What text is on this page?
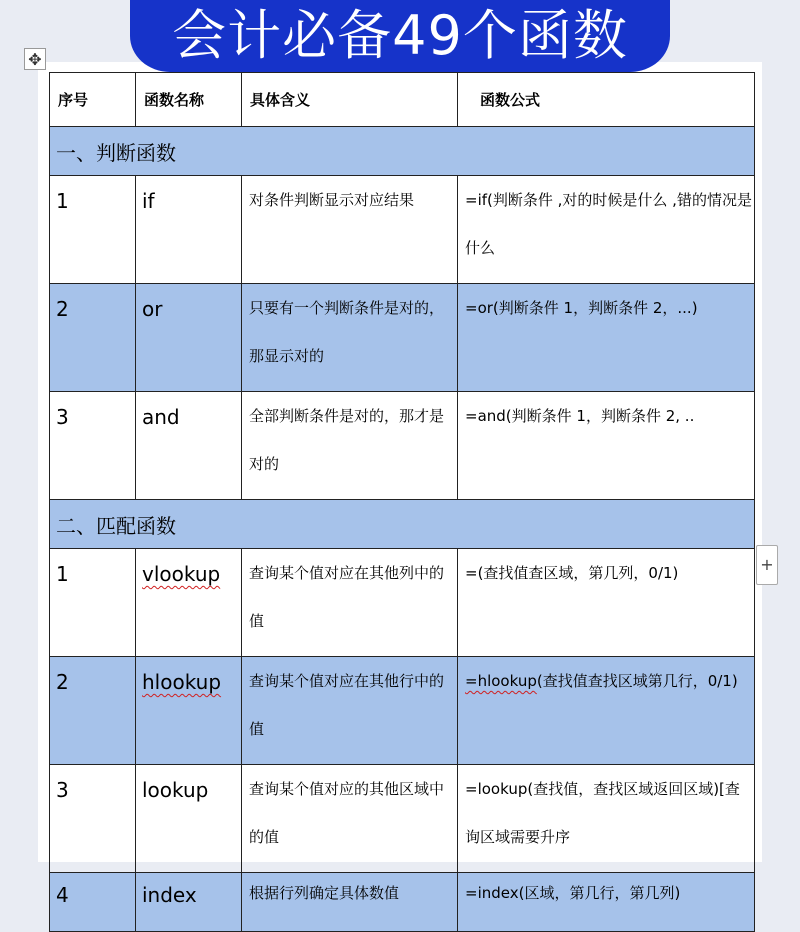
会计必备49个函数
✥
+
序号	函数名称	具体含义	函数公式
一、判断函数			
1	if	对条件判断显示对应结果	=if(判断条件 ,对的时候是什么 ,错的情况是什么
2	or	只要有一个判断条件是对的，那显示对的	=or(判断条件 1，判断条件 2，...)
3	and	全部判断条件是对的，那才是对的	=and(判断条件 1，判断条件 2, ..
二、匹配函数			
1	vlookup	查询某个值对应在其他列中的值	=(查找值查区域，第几列，0/1)
2	hlookup	查询某个值对应在其他行中的值	=hlookup(查找值查找区域第几行，0/1)
3	lookup	查询某个值对应的其他区域中的值	=lookup(查找值，查找区域返回区域)[查询区域需要升序
4	index	根据行列确定具体数值	=index(区域，第几行，第几列)
